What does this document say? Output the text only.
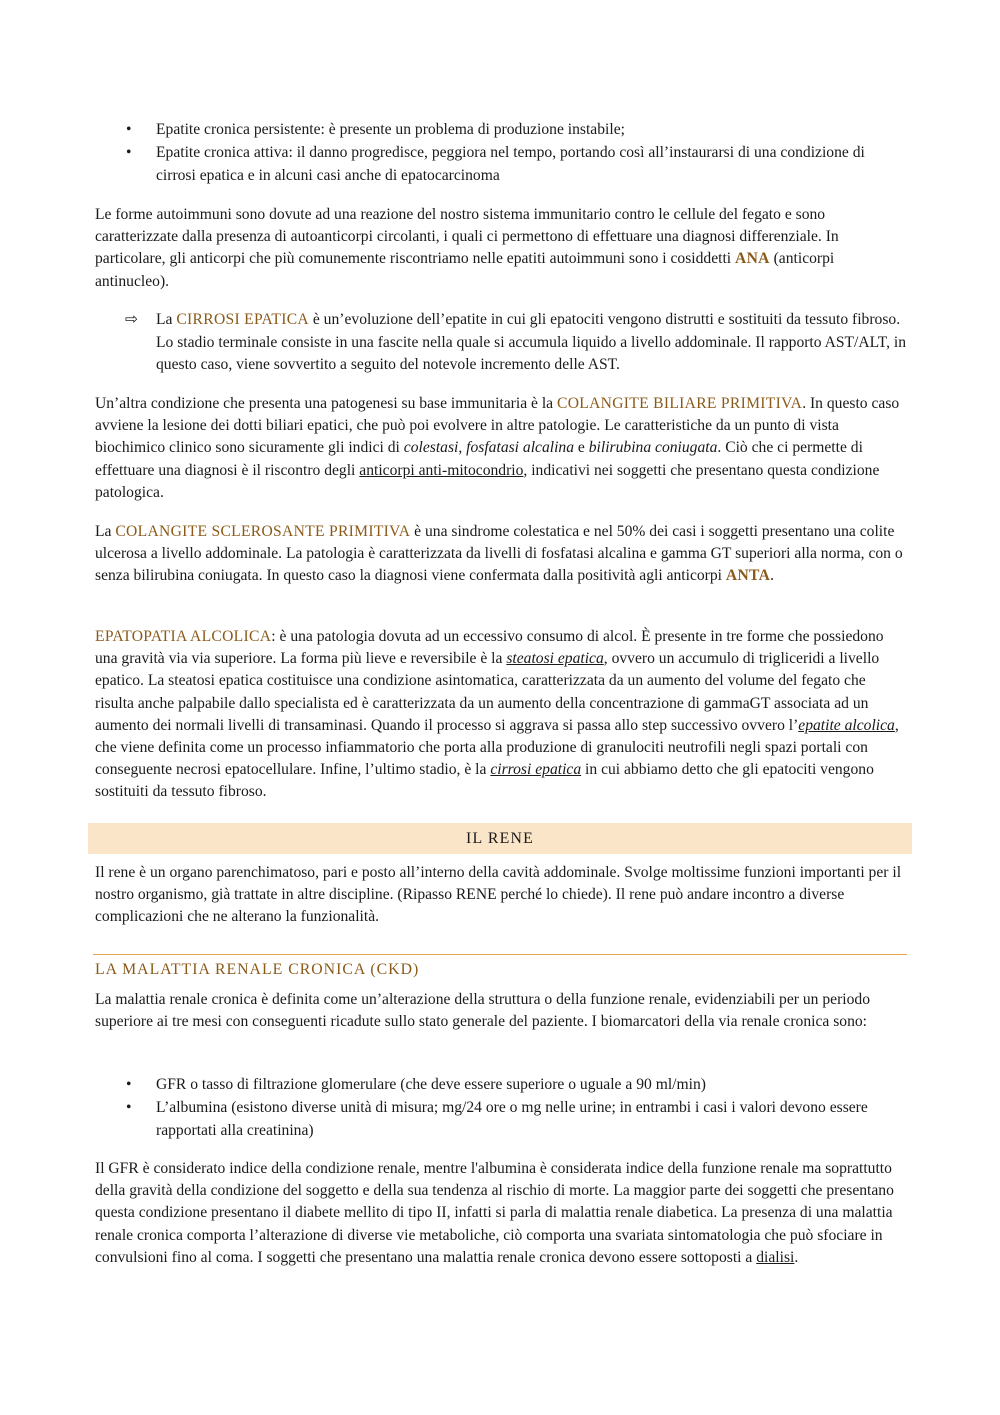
• Epatite cronica persistente: è presente un problema di produzione instabile;
• Epatite cronica attiva: il danno progredisce, peggiora nel tempo, portando così all’instaurarsi di una condizione di cirrosi epatica e in alcuni casi anche di epatocarcinoma

Le forme autoimmuni sono dovute ad una reazione del nostro sistema immunitario contro le cellule del fegato e sono caratterizzate dalla presenza di autoanticorpi circolanti, i quali ci permettono di effettuare una diagnosi differenziale. In particolare, gli anticorpi che più comunemente riscontriamo nelle epatiti autoimmuni sono i cosiddetti ANA (anticorpi antinucleo).

⇨ La CIRROSI EPATICA è un’evoluzione dell’epatite in cui gli epatociti vengono distrutti e sostituiti da tessuto fibroso. Lo stadio terminale consiste in una fascite nella quale si accumula liquido a livello addominale. Il rapporto AST/ALT, in questo caso, viene sovvertito a seguito del notevole incremento delle AST.

Un’altra condizione che presenta una patogenesi su base immunitaria è la COLANGITE BILIARE PRIMITIVA. In questo caso avviene la lesione dei dotti biliari epatici, che può poi evolvere in altre patologie. Le caratteristiche da un punto di vista biochimico clinico sono sicuramente gli indici di colestasi, fosfatasi alcalina e bilirubina coniugata. Ciò che ci permette di effettuare una diagnosi è il riscontro degli anticorpi anti-mitocondrio, indicativi nei soggetti che presentano questa condizione patologica.

La COLANGITE SCLEROSANTE PRIMITIVA è una sindrome colestatica e nel 50% dei casi i soggetti presentano una colite ulcerosa a livello addominale. La patologia è caratterizzata da livelli di fosfatasi alcalina e gamma GT superiori alla norma, con o senza bilirubina coniugata. In questo caso la diagnosi viene confermata dalla positività agli anticorpi ANTA.

EPATOPATIA ALCOLICA: è una patologia dovuta ad un eccessivo consumo di alcol. È presente in tre forme che possiedono una gravità via via superiore. La forma più lieve e reversibile è la steatosi epatica, ovvero un accumulo di trigliceridi a livello epatico. La steatosi epatica costituisce una condizione asintomatica, caratterizzata da un aumento del volume del fegato che risulta anche palpabile dallo specialista ed è caratterizzata da un aumento della concentrazione di gammaGT associata ad un aumento dei normali livelli di transaminasi. Quando il processo si aggrava si passa allo step successivo ovvero l’epatite alcolica, che viene definita come un processo infiammatorio che porta alla produzione di granulociti neutrofili negli spazi portali con conseguente necrosi epatocellulare. Infine, l’ultimo stadio, è la cirrosi epatica in cui abbiamo detto che gli epatociti vengono sostituiti da tessuto fibroso.

IL RENE

Il rene è un organo parenchimatoso, pari e posto all’interno della cavità addominale. Svolge moltissime funzioni importanti per il nostro organismo, già trattate in altre discipline. (Ripasso RENE perché lo chiede). Il rene può andare incontro a diverse complicazioni che ne alterano la funzionalità.

LA MALATTIA RENALE CRONICA (CKD)

La malattia renale cronica è definita come un’alterazione della struttura o della funzione renale, evidenziabili per un periodo superiore ai tre mesi con conseguenti ricadute sullo stato generale del paziente. I biomarcatori della via renale cronica sono:

• GFR o tasso di filtrazione glomerulare (che deve essere superiore o uguale a 90 ml/min)
• L’albumina (esistono diverse unità di misura; mg/24 ore o mg nelle urine; in entrambi i casi i valori devono essere rapportati alla creatinina)

Il GFR è considerato indice della condizione renale, mentre l'albumina è considerata indice della funzione renale ma soprattutto della gravità della condizione del soggetto e della sua tendenza al rischio di morte. La maggior parte dei soggetti che presentano questa condizione presentano il diabete mellito di tipo II, infatti si parla di malattia renale diabetica. La presenza di una malattia renale cronica comporta l’alterazione di diverse vie metaboliche, ciò comporta una svariata sintomatologia che può sfociare in convulsioni fino al coma. I soggetti che presentano una malattia renale cronica devono essere sottoposti a dialisi.
